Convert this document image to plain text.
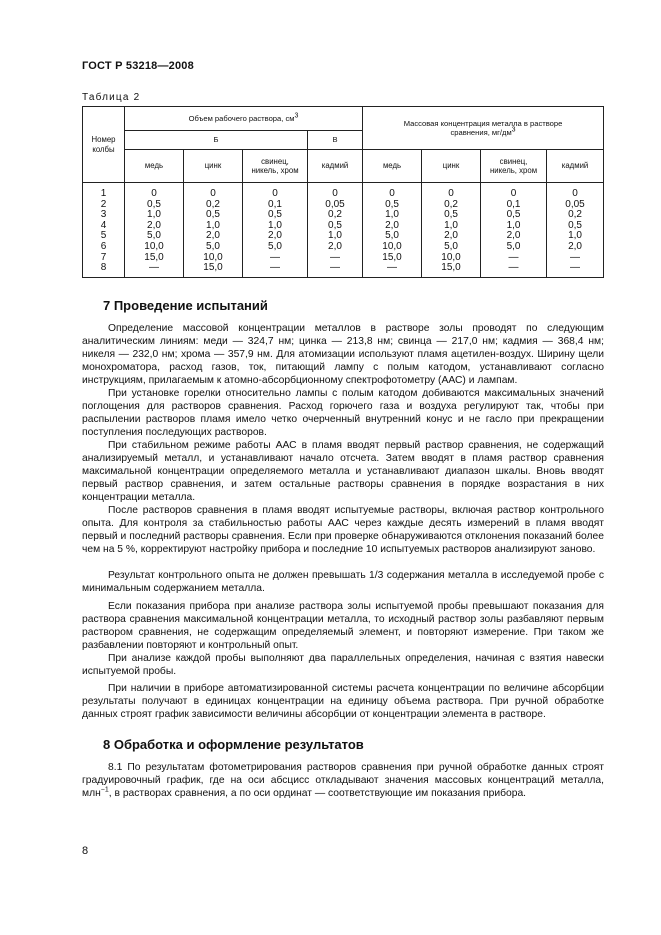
ГОСТ Р 53218—2008
Таблица 2
Номер колбы	Объем рабочего раствора, $см^3$				Массовая концентрация металла в растворе сравнения, $мг/дм^3$
	Б			В				
	медь	цинк	свинец, никель, хром	кадмий	медь	цинк	свинец, никель, хром	кадмий
1	0	0	0	0	0	0	0	0
2	0,5	0,2	0,1	0,05	0,5	0,2	0,1	0,05
3	1,0	0,5	0,5	0,2	1,0	0,5	0,5	0,2
4	2,0	1,0	1,0	0,5	2,0	1,0	1,0	0,5
5	5,0	2,0	2,0	1,0	5,0	2,0	2,0	1,0
6	10,0	5,0	5,0	2,0	10,0	5,0	5,0	2,0
7	15,0	10,0	—	—	15,0	10,0	—	—
8	—	15,0	—	—	—	15,0	—	—
7 Проведение испытаний

Определение массовой концентрации металлов в растворе золы проводят по следующим аналитическим линиям: меди — 324,7 нм; цинка — 213,8 нм; свинца — 217,0 нм; кадмия — 368,4 нм; никеля — 232,0 нм; хрома — 357,9 нм. Для атомизации используют пламя ацетилен-воздух. Ширину щели монохроматора, расход газов, ток, питающий лампу с полым катодом, устанавливают согласно инструкциям, прилагаемым к атомно-абсорбционному спектрофотометру (ААС) и лампам.

При установке горелки относительно лампы с полым катодом добиваются максимальных значений поглощения для растворов сравнения. Расход горючего газа и воздуха регулируют так, чтобы при распылении растворов пламя имело четко очерченный внутренний конус и не гасло при прекращении поступления последующих растворов.

При стабильном режиме работы ААС в пламя вводят первый раствор сравнения, не содержащий анализируемый металл, и устанавливают начало отсчета. Затем вводят в пламя раствор сравнения максимальной концентрации определяемого металла и устанавливают диапазон шкалы. Вновь вводят первый раствор сравнения, и затем остальные растворы сравнения в порядке возрастания в них концентрации металла.

После растворов сравнения в пламя вводят испытуемые растворы, включая раствор контрольного опыта. Для контроля за стабильностью работы ААС через каждые десять измерений в пламя вводят первый и последний растворы сравнения. Если при проверке обнаруживаются отклонения показаний более чем на 5 %, корректируют настройку прибора и последние 10 испытуемых растворов анализируют заново.

Результат контрольного опыта не должен превышать 1/3 содержания металла в исследуемой пробе с минимальным содержанием металла.

Если показания прибора при анализе раствора золы испытуемой пробы превышают показания для раствора сравнения максимальной концентрации металла, то исходный раствор золы разбавляют первым раствором сравнения, не содержащим определяемый элемент, и повторяют измерение. При таком же разбавлении повторяют и контрольный опыт.

При анализе каждой пробы выполняют два параллельных определения, начиная с взятия навески испытуемой пробы.

При наличии в приборе автоматизированной системы расчета концентрации по величине абсорбции результаты получают в единицах концентрации на единицу объема раствора. При ручной обработке данных строят график зависимости величины абсорбции от концентрации элемента в растворе.

8 Обработка и оформление результатов

8.1 По результатам фотометрирования растворов сравнения при ручной обработке данных строят градуировочный график, где на оси абсцисс откладывают значения массовых концентраций металла, млн$^{-1}$, в растворах сравнения, а по оси ординат — соответствующие им показания прибора.

8
